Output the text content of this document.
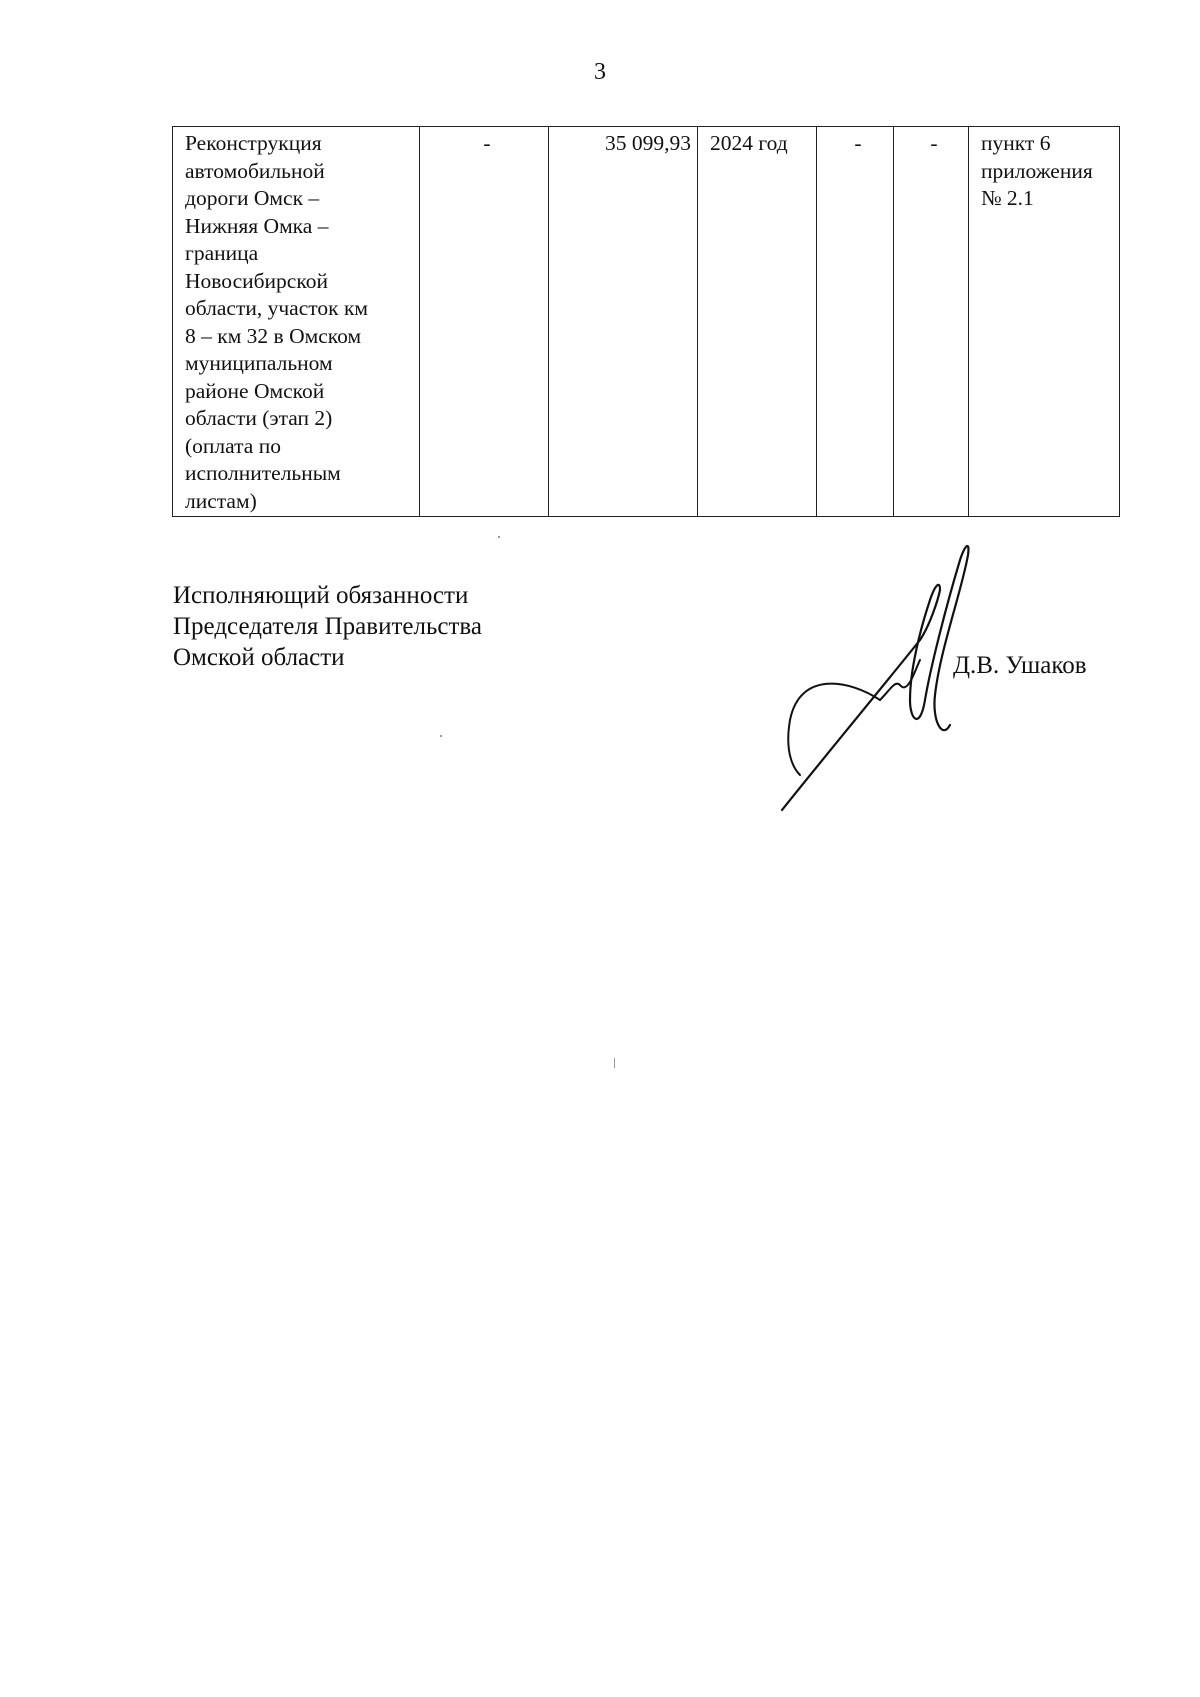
3
Реконструкция
автомобильной
дороги Омск –
Нижняя Омка –
граница
Новосибирской
области, участок км
8 – км 32 в Омском
муниципальном
районе Омской
области (этап 2)
(оплата по
исполнительным
листам)
	-	35 099,93	2024 год	-	-	пункт 6
приложения
№ 2.1
Исполняющий обязанности
Председателя Правительства
Омской области	Д.В. Ушаков
